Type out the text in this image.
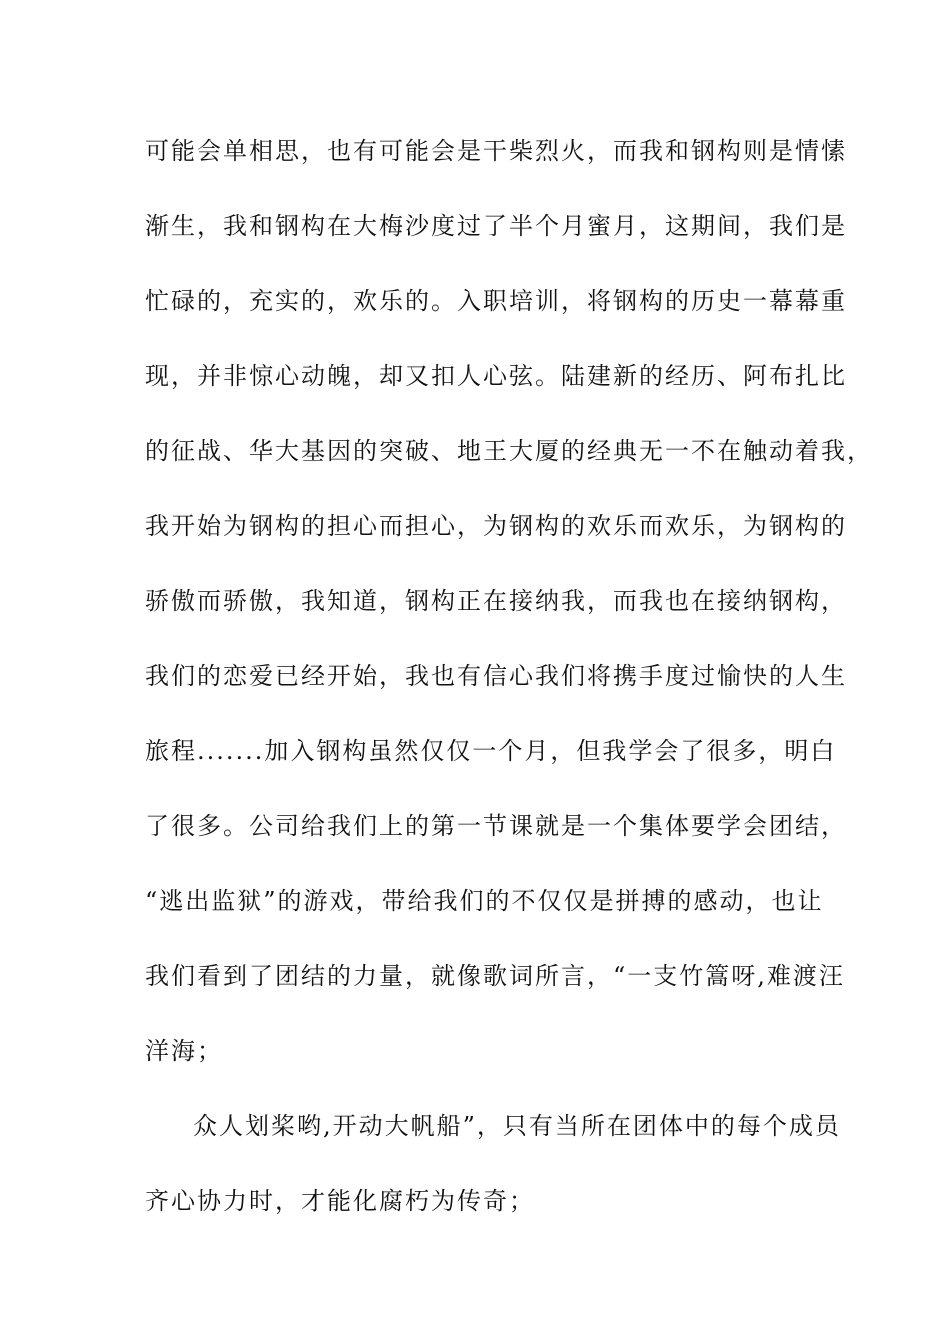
可能会单相思，也有可能会是干柴烈火，而我和钢构则是情愫
渐生，我和钢构在大梅沙度过了半个月蜜月，这期间，我们是
忙碌的，充实的，欢乐的。入职培训，将钢构的历史一幕幕重
现，并非惊心动魄，却又扣人心弦。陆建新的经历、阿布扎比
的征战、华大基因的突破、地王大厦的经典无一不在触动着我，
我开始为钢构的担心而担心，为钢构的欢乐而欢乐，为钢构的
骄傲而骄傲，我知道，钢构正在接纳我，而我也在接纳钢构，
我们的恋爱已经开始，我也有信心我们将携手度过愉快的人生
旅程.......加入钢构虽然仅仅一个月，但我学会了很多，明白
了很多。公司给我们上的第一节课就是一个集体要学会团结，
“逃出监狱”的游戏，带给我们的不仅仅是拼搏的感动，也让
我们看到了团结的力量，就像歌词所言，“一支竹篙呀,难渡汪
洋海；
众人划桨哟,开动大帆船”，只有当所在团体中的每个成员
齐心协力时，才能化腐朽为传奇；
